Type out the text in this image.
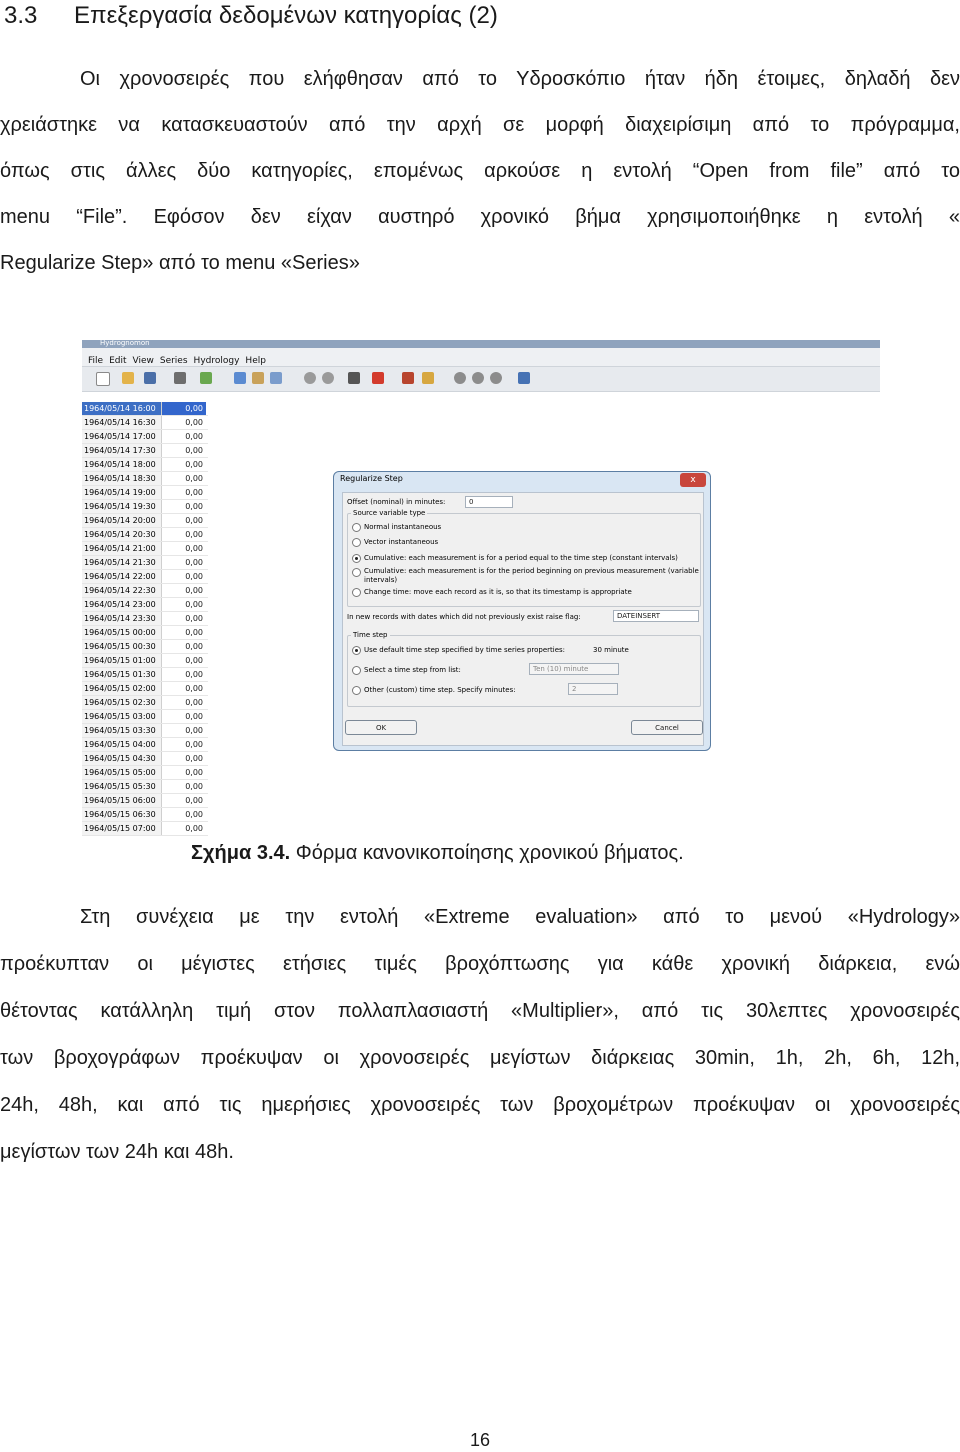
3.3 Επεξεργασία δεδομένων κατηγορίας (2)
Οι χρονοσειρές που ελήφθησαν από το Υδροσκόπιο ήταν ήδη έτοιμες, δηλαδή δεν
χρειάστηκε να κατασκευαστούν από την αρχή σε μορφή διαχειρίσιμη από το πρόγραμμα,
όπως στις άλλες δύο κατηγορίες, επομένως αρκούσε η εντολή “Open from file” από το
menu “File”. Εφόσον δεν είχαν αυστηρό χρονικό βήμα χρησιμοποιήθηκε η εντολή «
Regularize Step» από το menu «Series»
Hydrognomon
File Edit View Series Hydrology Help
1964/05/14 16:00	0,00
1964/05/14 16:30	0,00
1964/05/14 17:00	0,00
1964/05/14 17:30	0,00
1964/05/14 18:00	0,00
1964/05/14 18:30	0,00
1964/05/14 19:00	0,00
1964/05/14 19:30	0,00
1964/05/14 20:00	0,00
1964/05/14 20:30	0,00
1964/05/14 21:00	0,00
1964/05/14 21:30	0,00
1964/05/14 22:00	0,00
1964/05/14 22:30	0,00
1964/05/14 23:00	0,00
1964/05/14 23:30	0,00
1964/05/15 00:00	0,00
1964/05/15 00:30	0,00
1964/05/15 01:00	0,00
1964/05/15 01:30	0,00
1964/05/15 02:00	0,00
1964/05/15 02:30	0,00
1964/05/15 03:00	0,00
1964/05/15 03:30	0,00
1964/05/15 04:00	0,00
1964/05/15 04:30	0,00
1964/05/15 05:00	0,00
1964/05/15 05:30	0,00
1964/05/15 06:00	0,00
1964/05/15 06:30	0,00
1964/05/15 07:00	0,00
Regularize Step	x
Offset (nominal) in minutes:	0
Source variable type
Normal instantaneous
Vector instantaneous
Cumulative: each measurement is for a period equal to the time step (constant intervals)
Cumulative: each measurement is for the period beginning on previous measurement (variable
intervals)
Change time: move each record as it is, so that its timestamp is appropriate
In new records with dates which did not previously exist raise flag:	DATEINSERT
Time step
Use default time step specified by time series properties:	30 minute
Select a time step from list:	Ten (10) minute
Other (custom) time step. Specify minutes:	2
OK	Cancel
Σχήμα 3.4. Φόρμα κανονικοποίησης χρονικού βήματος.
Στη συνέχεια με την εντολή «Extreme evaluation» από το μενού «Hydrology»
προέκυπταν οι μέγιστες ετήσιες τιμές βροχόπτωσης για κάθε χρονική διάρκεια, ενώ
θέτοντας κατάλληλη τιμή στον πολλαπλασιαστή «Multiplier», από τις 30λεπτες χρονοσειρές
των βροχογράφων προέκυψαν οι χρονοσειρές μεγίστων διάρκειας 30min, 1h, 2h, 6h, 12h,
24h, 48h, και από τις ημερήσιες χρονοσειρές των βροχομέτρων προέκυψαν οι χρονοσειρές
μεγίστων των 24h και 48h.
16
